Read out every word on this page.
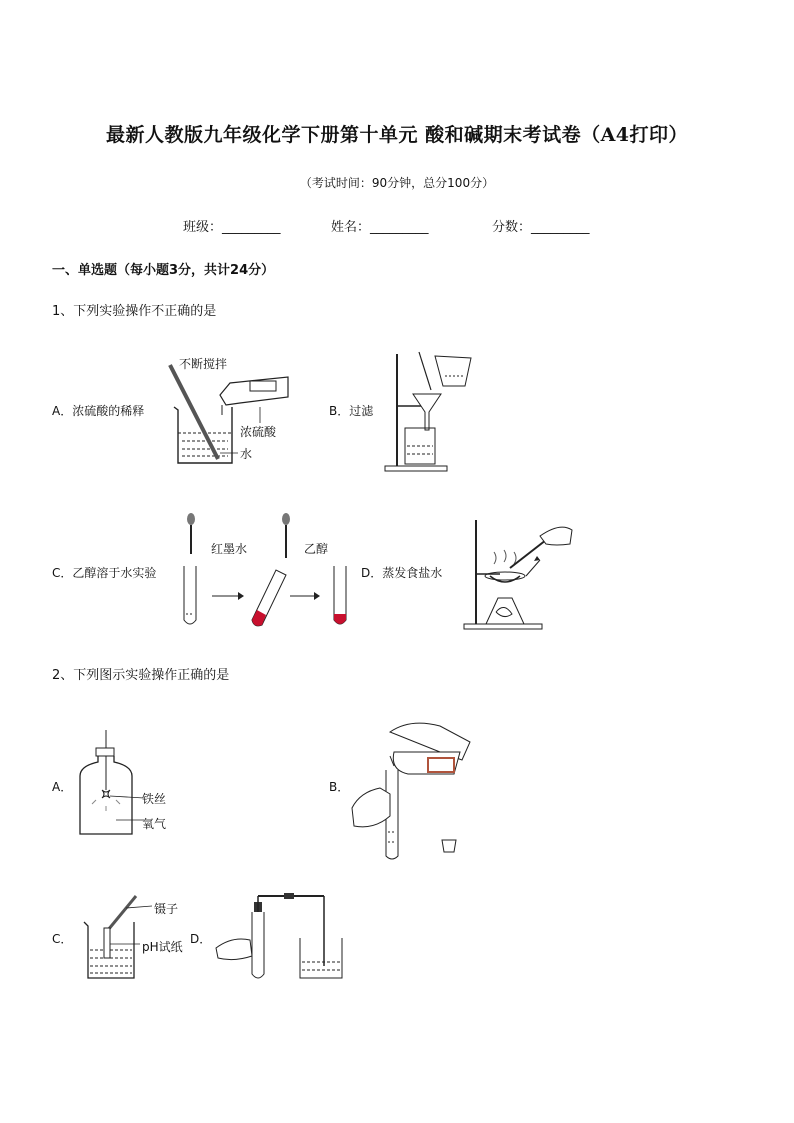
最新人教版九年级化学下册第十单元 酸和碱期末考试卷（A4打印）
（考试时间：90分钟，总分100分）
班级：_________	姓名：_________	分数：_________
一、单选题（每小题3分，共计24分）
1、下列实验操作不正确的是
A．浓硫酸的稀释
不断搅拌
浓硫酸
水
B．过滤
C．乙醇溶于水实验
红墨水	乙醇
D．蒸发食盐水
2、下列图示实验操作正确的是
A．
铁丝
氧气
B．
C．
镊子
pH试纸
D．
